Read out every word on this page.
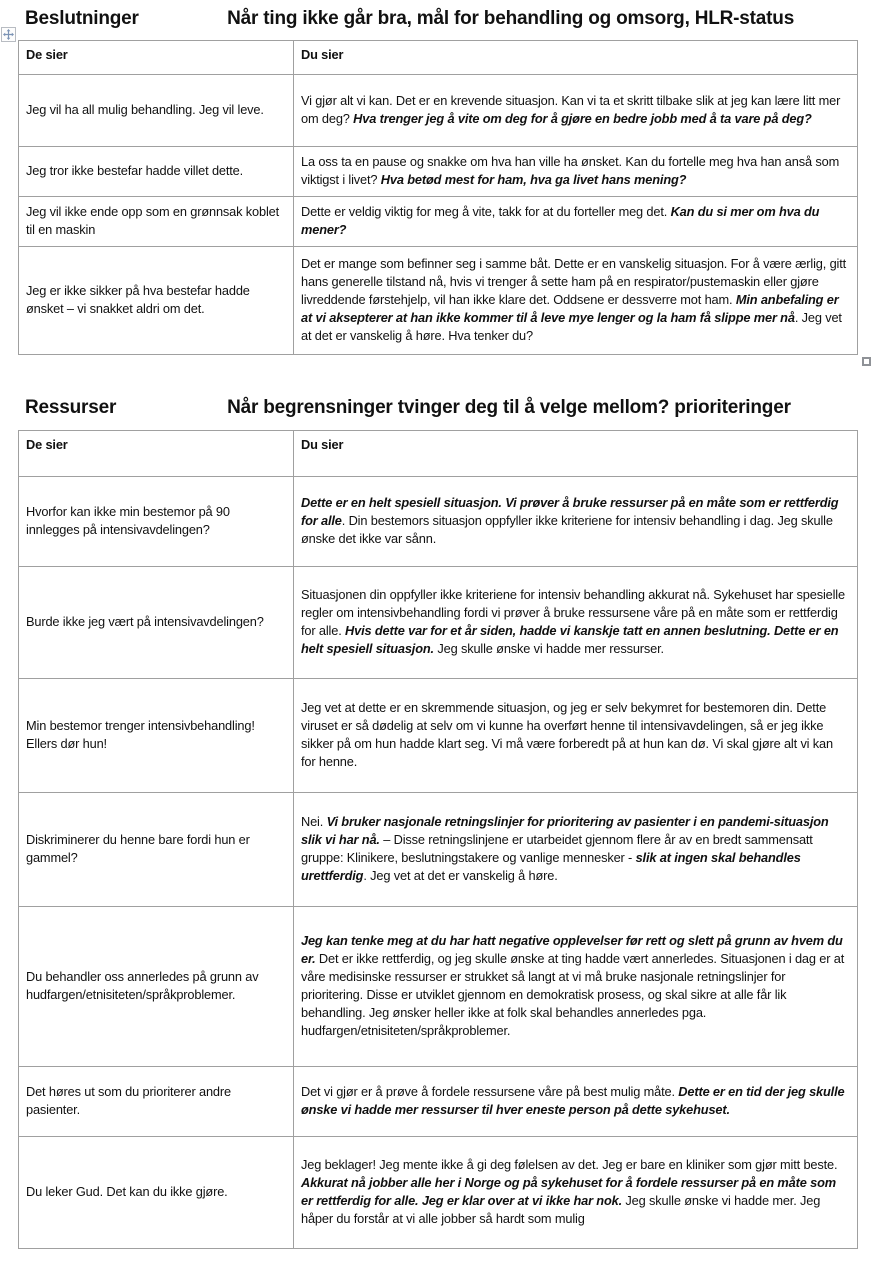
Beslutninger	Når ting ikke går bra, mål for behandling og omsorg, HLR-status
De sier	Du sier
Jeg vil ha all mulig behandling. Jeg vil leve.	Vi gjør alt vi kan. Det er en krevende situasjon. Kan vi ta et skritt tilbake slik at jeg kan lære litt mer om deg? Hva trenger jeg å vite om deg for å gjøre en bedre jobb med å ta vare på deg?
Jeg tror ikke bestefar hadde villet dette.	La oss ta en pause og snakke om hva han ville ha ønsket. Kan du fortelle meg hva han anså som viktigst i livet? Hva betød mest for ham, hva ga livet hans mening?
Jeg vil ikke ende opp som en grønnsak koblet til en maskin	Dette er veldig viktig for meg å vite, takk for at du forteller meg det. Kan du si mer om hva du mener?
Jeg er ikke sikker på hva bestefar hadde ønsket – vi snakket aldri om det.	Det er mange som befinner seg i samme båt. Dette er en vanskelig situasjon. For å være ærlig, gitt hans generelle tilstand nå, hvis vi trenger å sette ham på en respirator/pustemaskin eller gjøre livreddende førstehjelp, vil han ikke klare det. Oddsene er dessverre mot ham. Min anbefaling er at vi aksepterer at han ikke kommer til å leve mye lenger og la ham få slippe mer nå. Jeg vet at det er vanskelig å høre. Hva tenker du?
Ressurser	Når begrensninger tvinger deg til å velge mellom? prioriteringer
De sier	Du sier
Hvorfor kan ikke min bestemor på 90 innlegges på intensivavdelingen?	Dette er en helt spesiell situasjon. Vi prøver å bruke ressurser på en måte som er rettferdig for alle. Din bestemors situasjon oppfyller ikke kriteriene for intensiv behandling i dag. Jeg skulle ønske det ikke var sånn.
Burde ikke jeg vært på intensivavdelingen?	Situasjonen din oppfyller ikke kriteriene for intensiv behandling akkurat nå. Sykehuset har spesielle regler om intensivbehandling fordi vi prøver å bruke ressursene våre på en måte som er rettferdig for alle. Hvis dette var for et år siden, hadde vi kanskje tatt en annen beslutning. Dette er en helt spesiell situasjon. Jeg skulle ønske vi hadde mer ressurser.
Min bestemor trenger intensivbehandling! Ellers dør hun!	Jeg vet at dette er en skremmende situasjon, og jeg er selv bekymret for bestemoren din. Dette viruset er så dødelig at selv om vi kunne ha overført henne til intensivavdelingen, så er jeg ikke sikker på om hun hadde klart seg. Vi må være forberedt på at hun kan dø. Vi skal gjøre alt vi kan for henne.
Diskriminerer du henne bare fordi hun er gammel?	Nei. Vi bruker nasjonale retningslinjer for prioritering av pasienter i en pandemi-situasjon slik vi har nå. – Disse retningslinjene er utarbeidet gjennom flere år av en bredt sammensatt gruppe: Klinikere, beslutningstakere og vanlige mennesker - slik at ingen skal behandles urettferdig. Jeg vet at det er vanskelig å høre.
Du behandler oss annerledes på grunn av hudfargen/etnisiteten/språkproblemer.	Jeg kan tenke meg at du har hatt negative opplevelser før rett og slett på grunn av hvem du er. Det er ikke rettferdig, og jeg skulle ønske at ting hadde vært annerledes. Situasjonen i dag er at våre medisinske ressurser er strukket så langt at vi må bruke nasjonale retningslinjer for prioritering. Disse er utviklet gjennom en demokratisk prosess, og skal sikre at alle får lik behandling. Jeg ønsker heller ikke at folk skal behandles annerledes pga. hudfargen/etnisiteten/språkproblemer.
Det høres ut som du prioriterer andre pasienter.	Det vi gjør er å prøve å fordele ressursene våre på best mulig måte. Dette er en tid der jeg skulle ønske vi hadde mer ressurser til hver eneste person på dette sykehuset.
Du leker Gud. Det kan du ikke gjøre.	Jeg beklager! Jeg mente ikke å gi deg følelsen av det. Jeg er bare en kliniker som gjør mitt beste. Akkurat nå jobber alle her i Norge og på sykehuset for å fordele ressurser på en måte som er rettferdig for alle. Jeg er klar over at vi ikke har nok. Jeg skulle ønske vi hadde mer. Jeg håper du forstår at vi alle jobber så hardt som mulig
